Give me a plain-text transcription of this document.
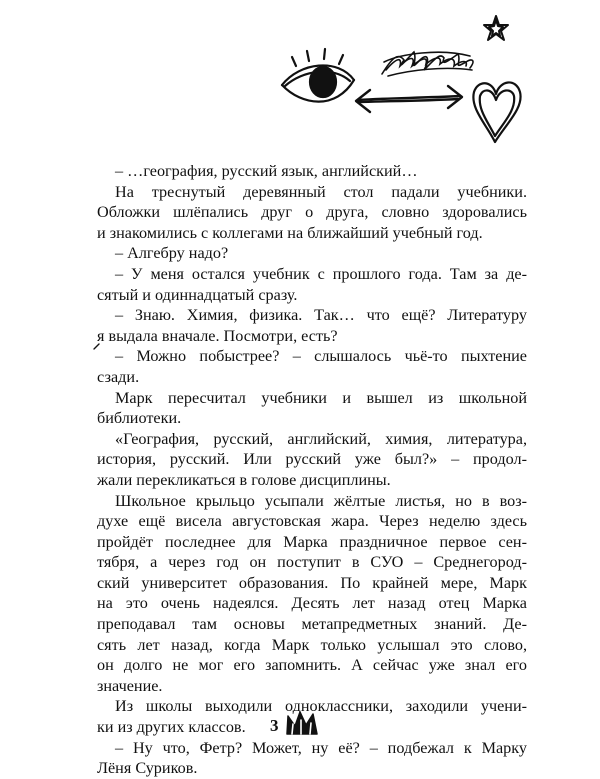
– …география, русский язык, английский…
На треснутый деревянный стол падали учебники.
Обложки шлёпались друг о друга, словно здоровались
и знакомились с коллегами на ближайший учебный год.
– Алгебру надо?
– У меня остался учебник с прошлого года. Там за де-
сятый и одиннадцатый сразу.
– Знаю. Химия, физика. Так… что ещё? Литературу
я выдала вначале. Посмотри, есть?
– Можно побыстрее? – слышалось чьё-то пыхтение
сзади.
Марк пересчитал учебники и вышел из школьной
библиотеки.
«География, русский, английский, химия, литература,
история, русский. Или русский уже был?» – продол-
жали перекликаться в голове дисциплины.
Школьное крыльцо усыпали жёлтые листья, но в воз-
духе ещё висела августовская жара. Через неделю здесь
пройдёт последнее для Марка праздничное первое сен-
тября, а через год он поступит в СУО – Среднегород-
ский университет образования. По крайней мере, Марк
на это очень надеялся. Десять лет назад отец Марка
преподавал там основы метапредметных знаний. Де-
сять лет назад, когда Марк только услышал это слово,
он долго не мог его запомнить. А сейчас уже знал его
значение.
Из школы выходили одноклассники, заходили учени-
ки из других классов.
– Ну что, Фетр? Может, ну её? – подбежал к Марку
Лёня Суриков.
3
